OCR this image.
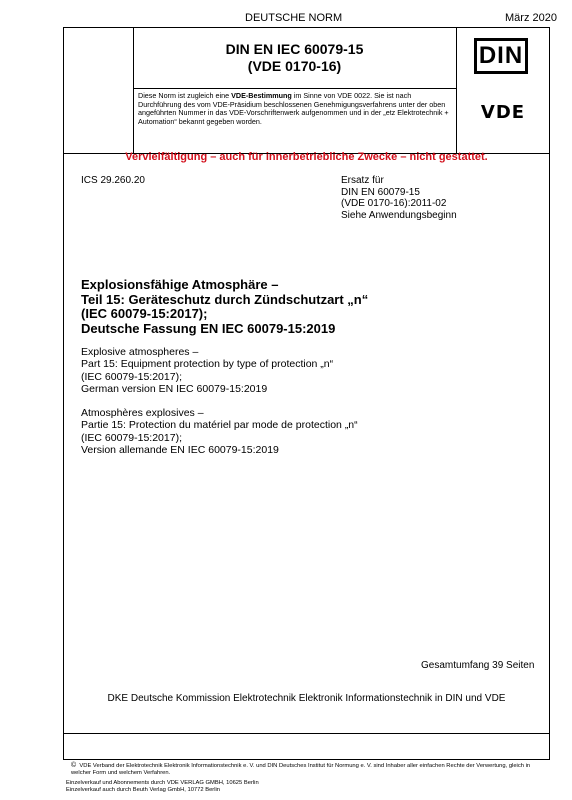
DEUTSCHE NORM	März 2020
DIN EN IEC 60079-15
(VDE 0170-16)
Diese Norm ist zugleich eine VDE-Bestimmung im Sinne von VDE 0022. Sie ist nach Durchführung des vom VDE-Präsidium beschlossenen Genehmigungsverfahrens unter der oben angeführten Nummer in das VDE-Vorschriftenwerk aufgenommen und in der „etz Elektrotechnik + Automation“ bekannt gegeben worden.
DIN
VDE
Vervielfältigung – auch für innerbetriebliche Zwecke – nicht gestattet.
ICS 29.260.20	Ersatz für
DIN EN 60079-15
(VDE 0170-16):2011-02
Siehe Anwendungsbeginn
Explosionsfähige Atmosphäre –
Teil 15: Geräteschutz durch Zündschutzart „n“
(IEC 60079-15:2017);
Deutsche Fassung EN IEC 60079-15:2019
Explosive atmospheres –
Part 15: Equipment protection by type of protection „n“
(IEC 60079-15:2017);
German version EN IEC 60079-15:2019
Atmosphères explosives –
Partie 15: Protection du matériel par mode de protection „n“
(IEC 60079-15:2017);
Version allemande EN IEC 60079-15:2019
Gesamtumfang 39 Seiten
DKE Deutsche Kommission Elektrotechnik Elektronik Informationstechnik in DIN und VDE
© VDE Verband der Elektrotechnik Elektronik Informationstechnik e. V. und DIN Deutsches Institut für Normung e. V. sind Inhaber aller einfachen Rechte der Verwertung, gleich in welcher Form und welchem Verfahren.
Einzelverkauf und Abonnements durch VDE VERLAG GMBH, 10625 Berlin
Einzelverkauf auch durch Beuth Verlag GmbH, 10772 Berlin
